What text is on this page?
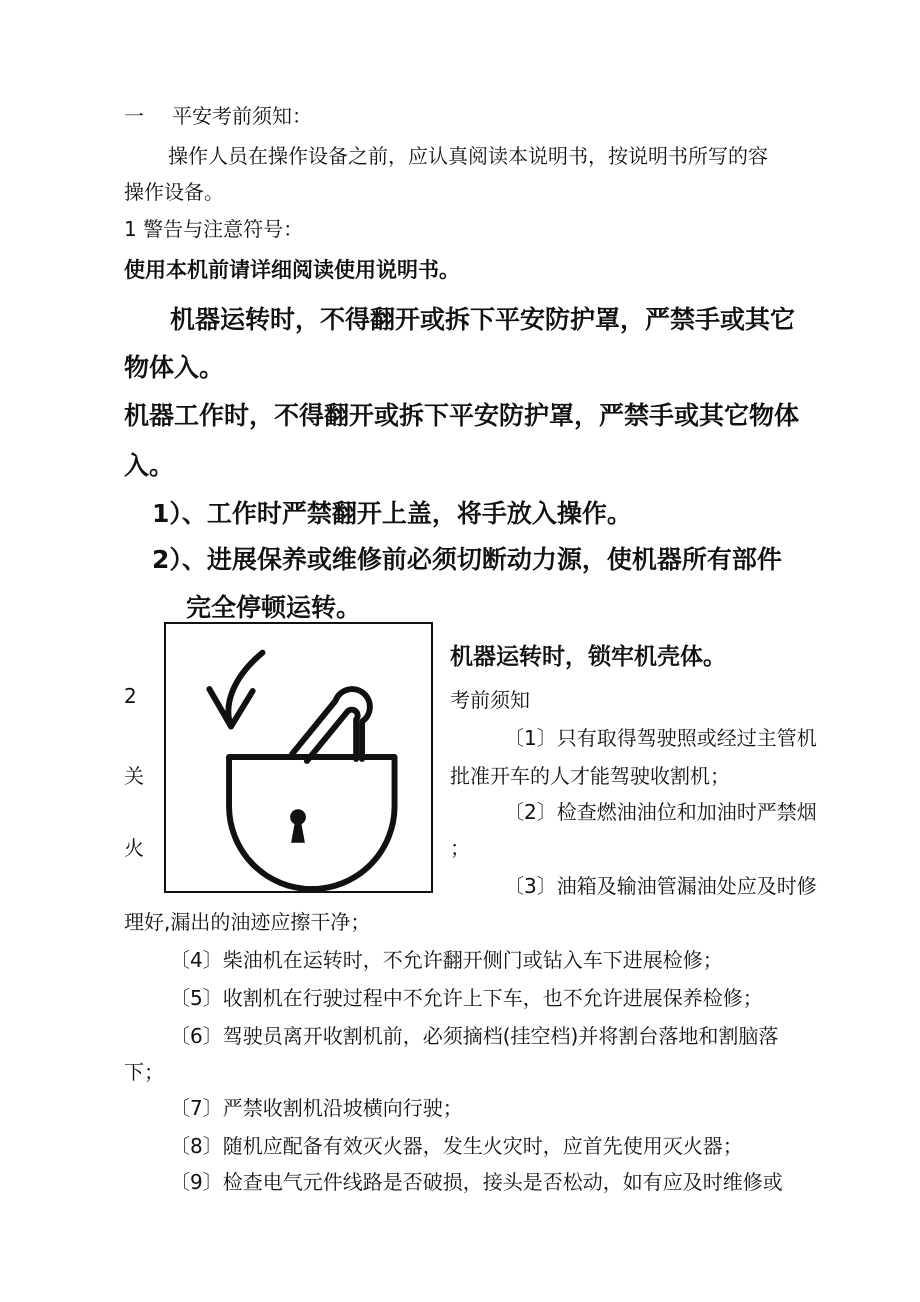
一 平安考前须知：
操作人员在操作设备之前，应认真阅读本说明书，按说明书所写的容
操作设备。
1 警告与注意符号：
使用本机前请详细阅读使用说明书。
机器运转时，不得翻开或拆下平安防护罩，严禁手或其它
物体入。
机器工作时，不得翻开或拆下平安防护罩，严禁手或其它物体
入。
1）、工作时严禁翻开上盖，将手放入操作。
2）、进展保养或维修前必须切断动力源，使机器所有部件
完全停顿运转。
机器运转时，锁牢机壳体。
2	考前须知
关
火
〔1〕只有取得驾驶照或经过主管机
批准开车的人才能驾驶收割机；
〔2〕检查燃油油位和加油时严禁烟
；
〔3〕油箱及输油管漏油处应及时修
理好,漏出的油迹应擦干净；
〔4〕柴油机在运转时，不允许翻开侧门或钻入车下进展检修；
〔5〕收割机在行驶过程中不允许上下车，也不允许进展保养检修；
〔6〕驾驶员离开收割机前，必须摘档(挂空档)并将割台落地和割脑落
下；
〔7〕严禁收割机沿坡横向行驶；
〔8〕随机应配备有效灭火器，发生火灾时，应首先使用灭火器；
〔9〕检查电气元件线路是否破损，接头是否松动，如有应及时维修或
